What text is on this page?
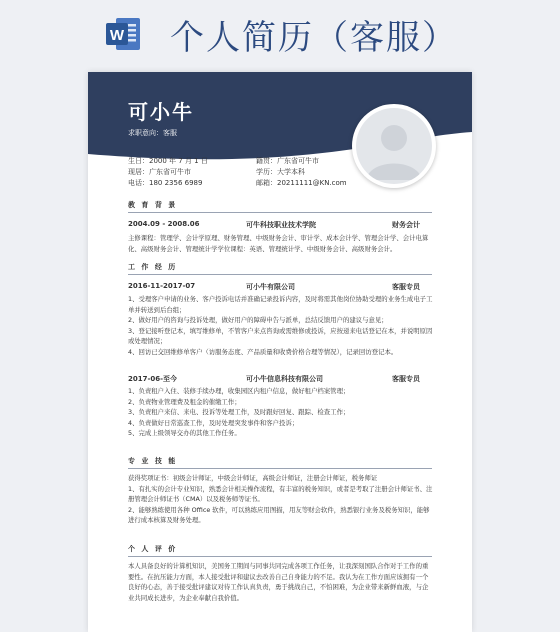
W 个人简历（客服）
可小牛
求职意向：客服
生日：2000 年 7 月 1 日	籍贯：广东省可牛市
现居：广东省可牛市	学历：大学本科
电话：180 2356 6989	邮箱：20211111@KN.com
教 育 背 景
2004.09 - 2008.06	可牛科技职业技术学院	财务会计
主修课程：管理学、会计学原理、财务管理、中级财务会计、审计学、成本会计学、管理会计学、会计电算化、高级财务会计、管理统计学学位课程：英语、管理统计学、中级财务会计、高级财务会计。
工 作 经 历
2016-11-2017-07	可小牛有限公司	客服专员

1、受理客户申请的业务、客户投诉电话并准确记录投诉内容，及时将需其他岗位协助受理的业务生成电子工单并转送到后台组；

2、做好用户的咨询与投诉处理，做好用户的障碍申告与派单，总结反馈用户的建议与意见；

3、登记接听登记本，填写维修单，不管客户来点咨询或需维修或投诉，应按递来电话登记在本，并说明原因或处理情况；

4、回访已交回维修单客户（访服务态度、产品质量和收费价格合理等情况），记录回访登记本。

2017-06-至今	可小牛信息科技有限公司	客服专员

1、负责租户入住、装修手续办理，收集园区内租户信息，做好租户档案管理；

2、负责物业管理费及租金的催缴工作；

3、负责租户来信、来电、投诉等处理工作，及时跟好回复、跟踪、检查工作；

4、负责做好日常巡查工作，及时处理突发事件和客户投诉；

5、完成上级领导交办的其他工作任务。

专 业 技 能

获得奖项证书：初级会计师证，中级会计师证，高级会计师证，注册会计师证，税务师证

1、有扎实的会计专业知识，熟悉会计相关操作流程，有丰富的税务知识，或者是考取了注册会计师证书、注册管理会计师证书（CMA）以及税务师等证书。

2、能够熟练使用各种 Office 软件，可以熟练应用图描，用友等财会软件，熟悉银行业务及税务知识，能够进行成本核算及财务处理。

个 人 评 价
本人具备良好的计算机知识，美国务工期间与同事共同完成各项工作任务，让我深刻国队合作对于工作的重要性。在抗压能力方面，本人接受批评和建议去改善自己自身能力的不足。我认为在工作方面应该拥有一个良好的心态，善于接受批评建议对待工作认真负责，勇于挑战自己，不怕困难，为企业带来新鲜血液，与企业共同成长进步，为企业奉献自我价值。
